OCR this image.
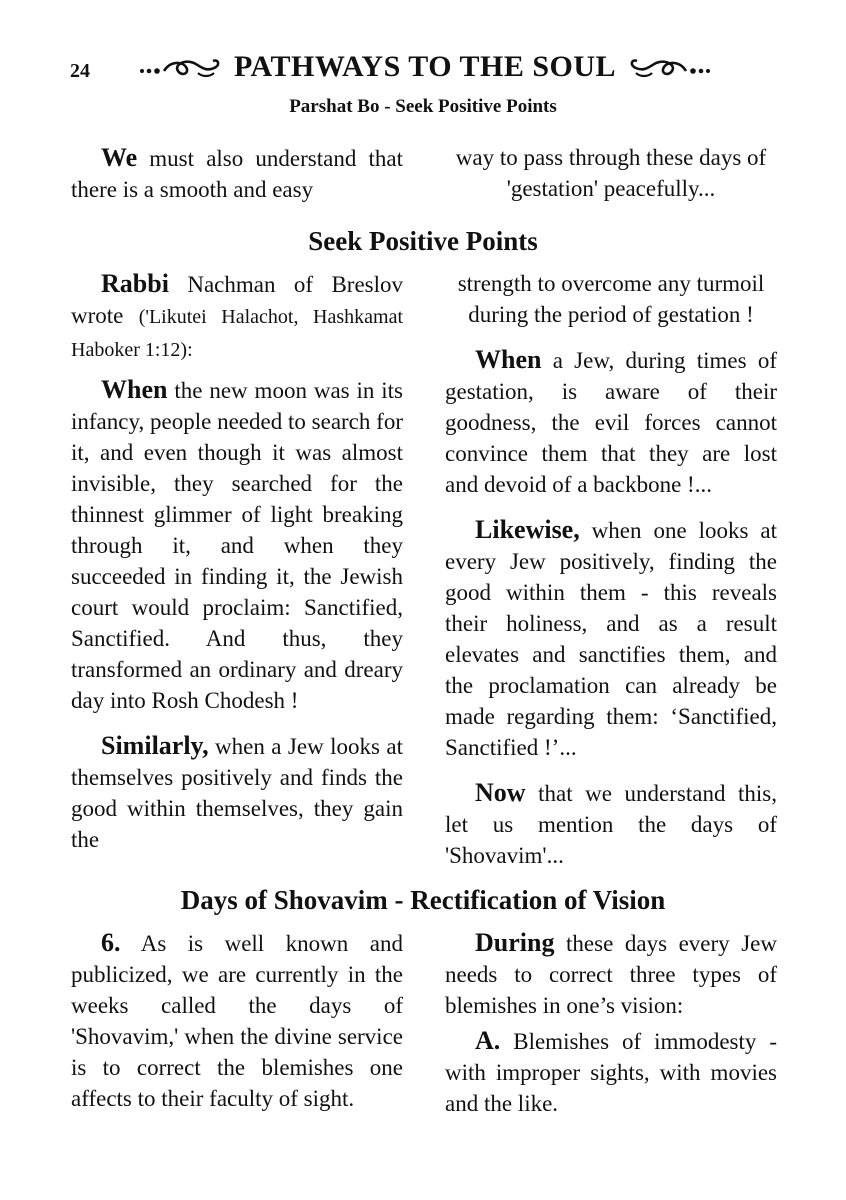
24	PATHWAYS TO THE SOUL
Parshat Bo - Seek Positive Points

We must also understand that there is a smooth and easy

way to pass through these days of 'gestation' peacefully...

Seek Positive Points

Rabbi Nachman of Breslov wrote ('Likutei Halachot, Hashkamat Haboker 1:12):

When the new moon was in its infancy, people needed to search for it, and even though it was almost invisible, they searched for the thinnest glimmer of light breaking through it, and when they succeeded in finding it, the Jewish court would proclaim: Sanctified, Sanctified. And thus, they transformed an ordinary and dreary day into Rosh Chodesh !

Similarly, when a Jew looks at themselves positively and finds the good within themselves, they gain the

strength to overcome any turmoil during the period of gestation !

When a Jew, during times of gestation, is aware of their goodness, the evil forces cannot convince them that they are lost and devoid of a backbone !...

Likewise, when one looks at every Jew positively, finding the good within them - this reveals their holiness, and as a result elevates and sanctifies them, and the proclamation can already be made regarding them: ‘Sanctified, Sanctified !’...

Now that we understand this, let us mention the days of 'Shovavim'...

Days of Shovavim - Rectification of Vision

6. As is well known and publicized, we are currently in the weeks called the days of 'Shovavim,' when the divine service is to correct the blemishes one affects to their faculty of sight.

During these days every Jew needs to correct three types of blemishes in one’s vision:

A. Blemishes of immodesty - with improper sights, with movies and the like.
